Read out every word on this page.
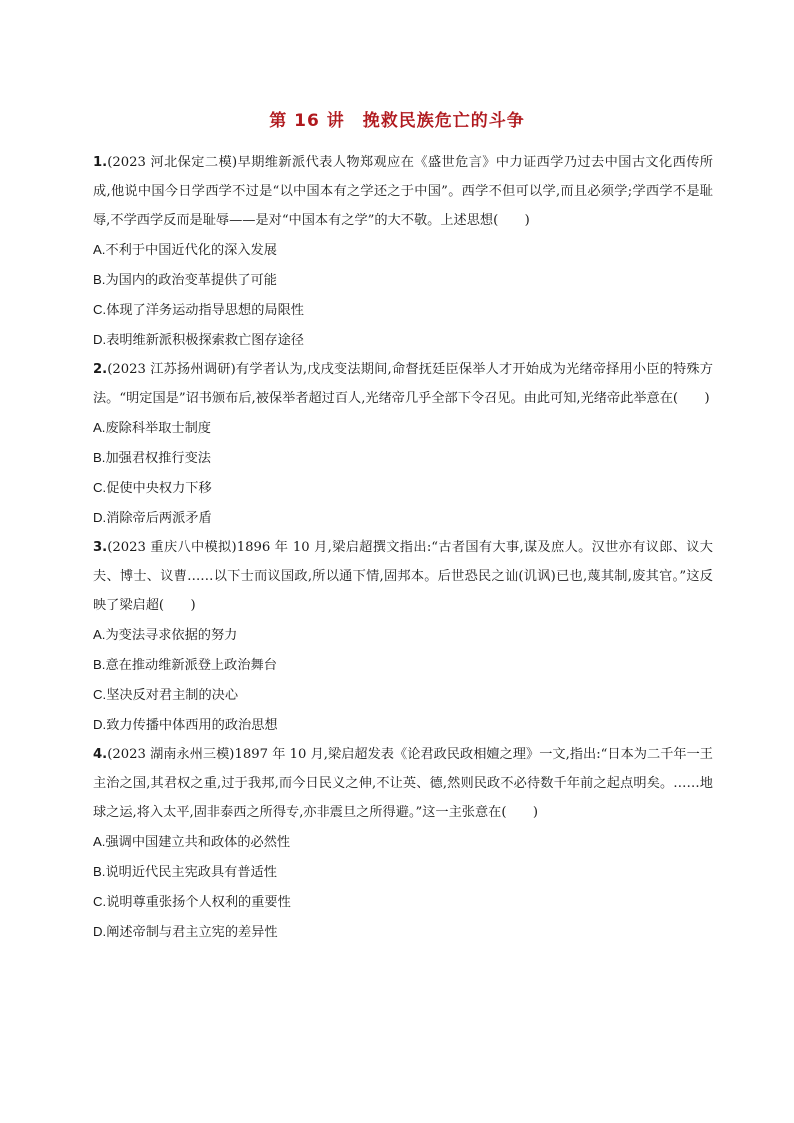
第 16 讲　挽救民族危亡的斗争

1.(2023 河北保定二模)早期维新派代表人物郑观应在《盛世危言》中力证西学乃过去中国古文化西传所成,他说中国今日学西学不过是“以中国本有之学还之于中国”。西学不但可以学,而且必须学;学西学不是耻辱,不学西学反而是耻辱——是对“中国本有之学”的大不敬。上述思想(　　)

A.不利于中国近代化的深入发展

B.为国内的政治变革提供了可能

C.体现了洋务运动指导思想的局限性

D.表明维新派积极探索救亡图存途径

2.(2023 江苏扬州调研)有学者认为,戊戌变法期间,命督抚廷臣保举人才开始成为光绪帝择用小臣的特殊方法。“明定国是”诏书颁布后,被保举者超过百人,光绪帝几乎全部下令召见。由此可知,光绪帝此举意在(　　)

A.废除科举取士制度

B.加强君权推行变法

C.促使中央权力下移

D.消除帝后两派矛盾

3.(2023 重庆八中模拟)1896 年 10 月,梁启超撰文指出:“古者国有大事,谋及庶人。汉世亦有议郎、议大夫、博士、议曹……以下士而议国政,所以通下情,固邦本。后世恐民之讪(讥讽)已也,蔑其制,废其官。”这反映了梁启超(　　)

A.为变法寻求依据的努力

B.意在推动维新派登上政治舞台

C.坚决反对君主制的决心

D.致力传播中体西用的政治思想

4.(2023 湖南永州三模)1897 年 10 月,梁启超发表《论君政民政相嬗之理》一文,指出:“日本为二千年一王主治之国,其君权之重,过于我邦,而今日民义之伸,不让英、德,然则民政不必待数千年前之起点明矣。……地球之运,将入太平,固非泰西之所得专,亦非震旦之所得避。”这一主张意在(　　)

A.强调中国建立共和政体的必然性

B.说明近代民主宪政具有普适性

C.说明尊重张扬个人权利的重要性

D.阐述帝制与君主立宪的差异性
